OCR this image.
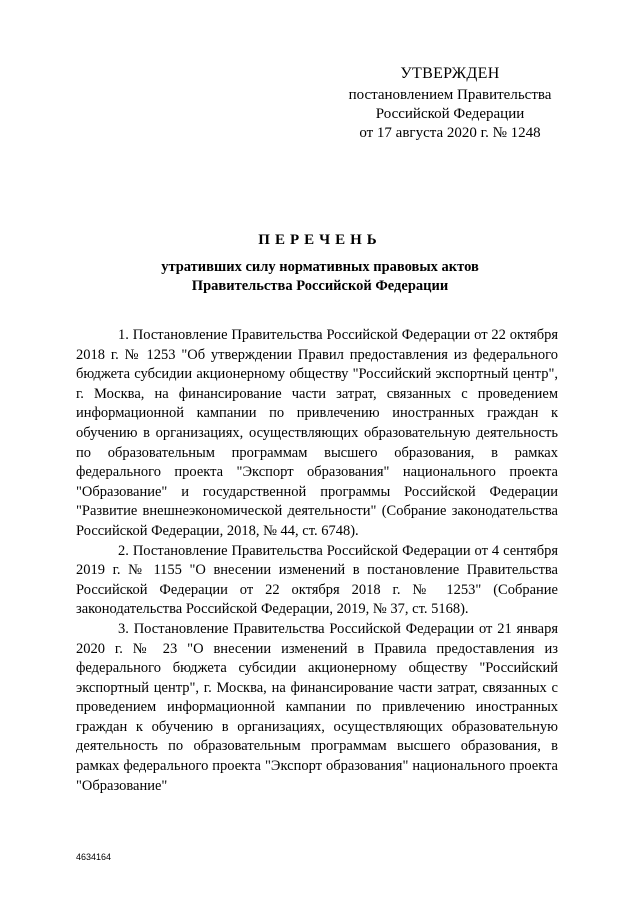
УТВЕРЖДЕН
постановлением Правительства
Российской Федерации
от 17 августа 2020 г. № 1248
ПЕРЕЧЕНЬ
утративших силу нормативных правовых актов
Правительства Российской Федерации

1. Постановление Правительства Российской Федерации от 22 октября 2018 г. № 1253 "Об утверждении Правил предоставления из федерального бюджета субсидии акционерному обществу "Российский экспортный центр", г. Москва, на финансирование части затрат, связанных с проведением информационной кампании по привлечению иностранных граждан к обучению в организациях, осуществляющих образовательную деятельность по образовательным программам высшего образования, в рамках федерального проекта "Экспорт образования" национального проекта "Образование" и государственной программы Российской Федерации "Развитие внешнеэкономической деятельности" (Собрание законодательства Российской Федерации, 2018, № 44, ст. 6748).

2. Постановление Правительства Российской Федерации от 4 сентября 2019 г. № 1155 "О внесении изменений в постановление Правительства Российской Федерации от 22 октября 2018 г. № 1253" (Собрание законодательства Российской Федерации, 2019, № 37, ст. 5168).

3. Постановление Правительства Российской Федерации от 21 января 2020 г. № 23 "О внесении изменений в Правила предоставления из федерального бюджета субсидии акционерному обществу "Российский экспортный центр", г. Москва, на финансирование части затрат, связанных с проведением информационной кампании по привлечению иностранных граждан к обучению в организациях, осуществляющих образовательную деятельность по образовательным программам высшего образования, в рамках федерального проекта "Экспорт образования" национального проекта "Образование"

4634164
